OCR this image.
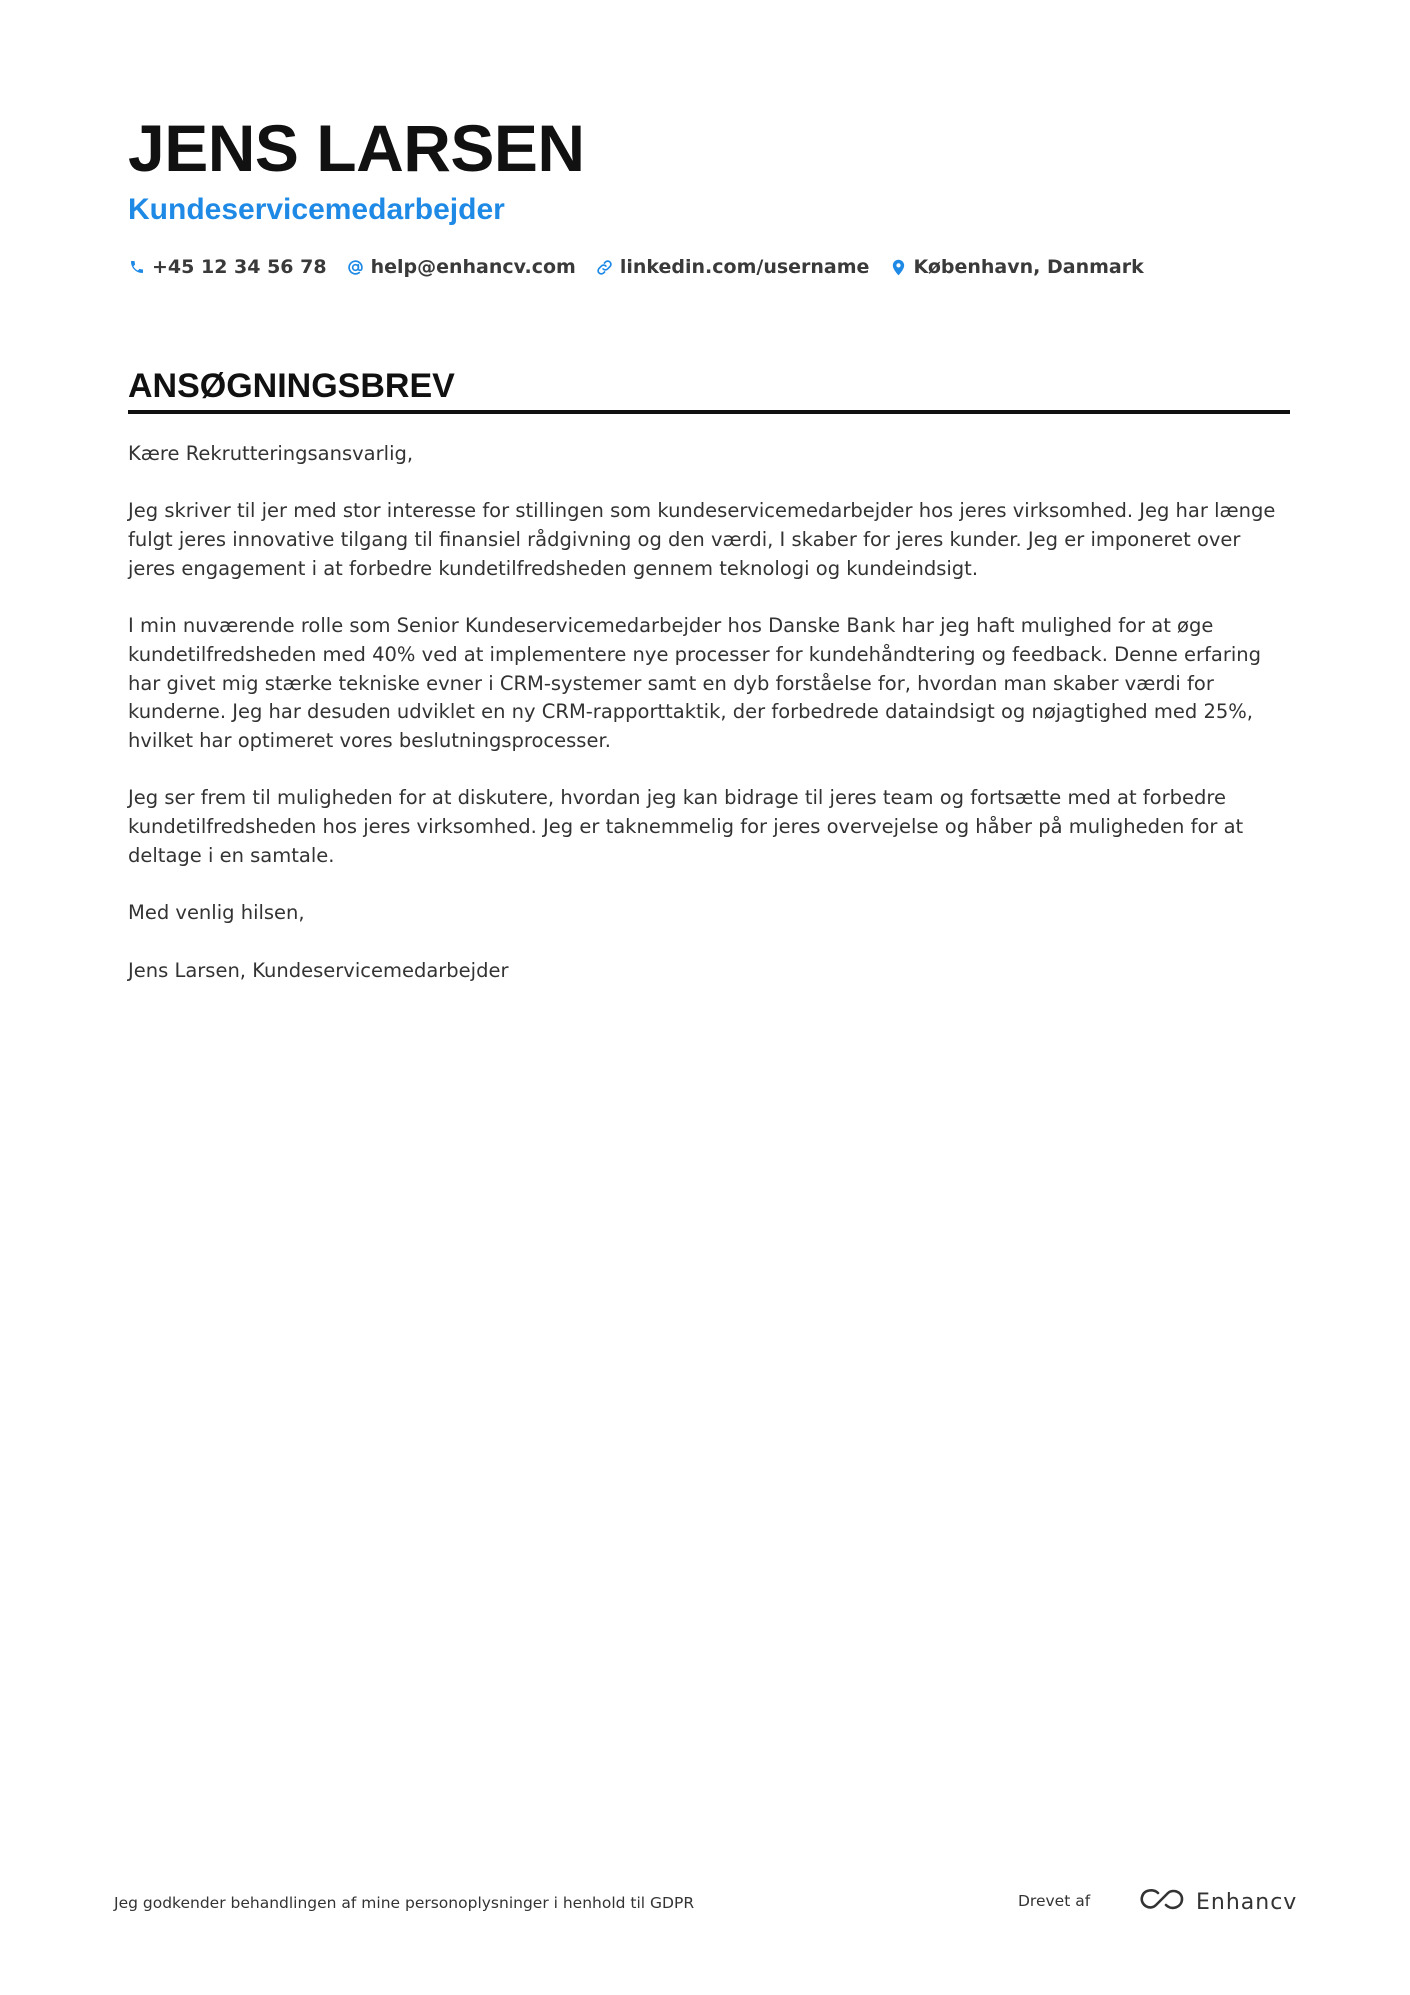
JENS LARSEN
Kundeservicemedarbejder
+45 12 34 56 78 help@enhancv.com linkedin.com/username København, Danmark
ANSØGNINGSBREV

Kære Rekrutteringsansvarlig,

Jeg skriver til jer med stor interesse for stillingen som kundeservicemedarbejder hos jeres virksomhed. Jeg har længe fulgt jeres innovative tilgang til finansiel rådgivning og den værdi, I skaber for jeres kunder. Jeg er imponeret over jeres engagement i at forbedre kundetilfredsheden gennem teknologi og kundeindsigt.

I min nuværende rolle som Senior Kundeservicemedarbejder hos Danske Bank har jeg haft mulighed for at øge kundetilfredsheden med 40% ved at implementere nye processer for kundehåndtering og feedback. Denne erfaring har givet mig stærke tekniske evner i CRM-systemer samt en dyb forståelse for, hvordan man skaber værdi for kunderne. Jeg har desuden udviklet en ny CRM-rapporttaktik, der forbedrede dataindsigt og nøjagtighed med 25%, hvilket har optimeret vores beslutningsprocesser.

Jeg ser frem til muligheden for at diskutere, hvordan jeg kan bidrage til jeres team og fortsætte med at forbedre kundetilfredsheden hos jeres virksomhed. Jeg er taknemmelig for jeres overvejelse og håber på muligheden for at deltage i en samtale.

Med venlig hilsen,

Jens Larsen, Kundeservicemedarbejder

Jeg godkender behandlingen af mine personoplysninger i henhold til GDPR	Drevet af	Enhancv
